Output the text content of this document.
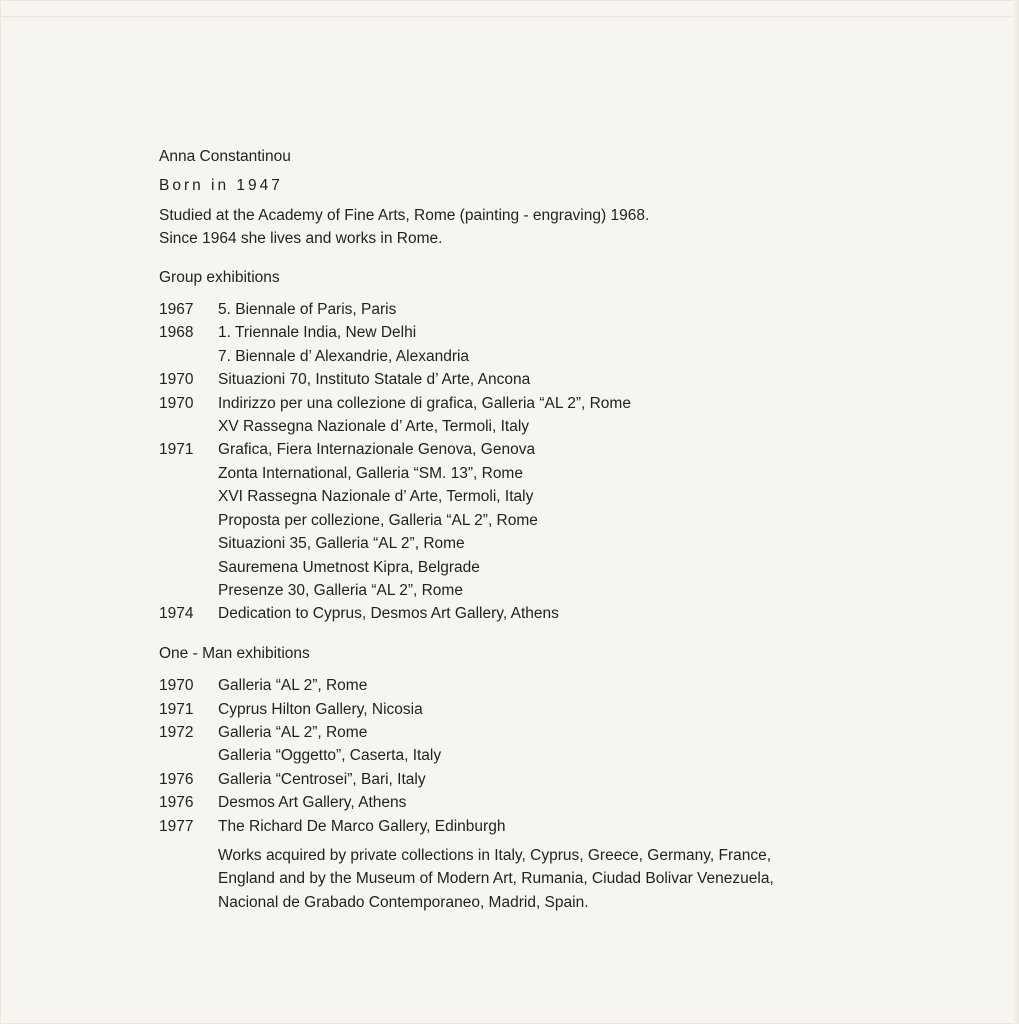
Anna Constantinou
Born in 1947
Studied at the Academy of Fine Arts, Rome (painting - engraving) 1968.
Since 1964 she lives and works in Rome.
Group exhibitions
1967	5. Biennale of Paris, Paris
1968	1. Triennale India, New Delhi
7. Biennale d’ Alexandrie, Alexandria
1970	Situazioni 70, Instituto Statale d’ Arte, Ancona
1970	Indirizzo per una collezione di grafica, Galleria “AL 2”, Rome
XV Rassegna Nazionale d’ Arte, Termoli, Italy
1971	Grafica, Fiera Internazionale Genova, Genova
Zonta International, Galleria “SM. 13”, Rome
XVI Rassegna Nazionale d’ Arte, Termoli, Italy
Proposta per collezione, Galleria “AL 2”, Rome
Situazioni 35, Galleria “AL 2”, Rome
Sauremena Umetnost Kipra, Belgrade
Presenze 30, Galleria “AL 2”, Rome
1974	Dedication to Cyprus, Desmos Art Gallery, Athens
One - Man exhibitions
1970	Galleria “AL 2”, Rome
1971	Cyprus Hilton Gallery, Nicosia
1972	Galleria “AL 2”, Rome
Galleria “Oggetto”, Caserta, Italy
1976	Galleria “Centrosei”, Bari, Italy
1976	Desmos Art Gallery, Athens
1977	The Richard De Marco Gallery, Edinburgh
Works acquired by private collections in Italy, Cyprus, Greece, Germany, France,
England and by the Museum of Modern Art, Rumania, Ciudad Bolivar Venezuela,
Nacional de Grabado Contemporaneo, Madrid, Spain.
